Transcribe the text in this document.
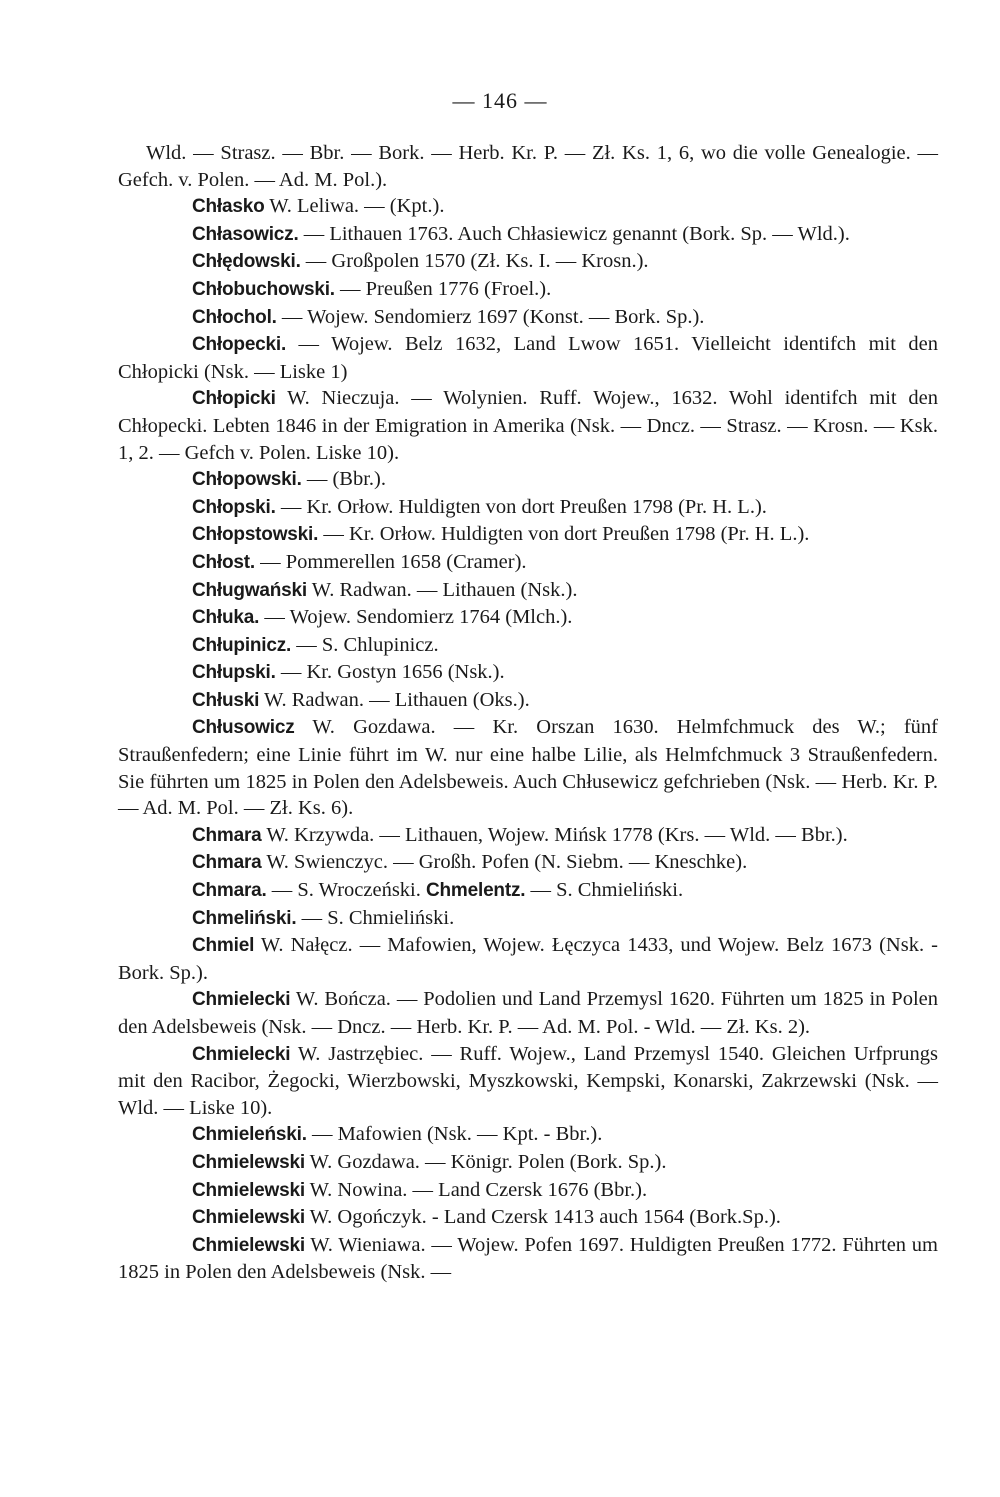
— 146 —

Wld. — Strasz. — Bbr. — Bork. — Herb. Kr. P. — Zł. Ks. 1, 6, wo die volle Genealogie. — Gefch. v. Polen. — Ad. M. Pol.).

Chłasko W. Lelіwa. — (Kpt.).

Chłasowicz. — Lithauen 1763. Auch Chłasiewicz genannt (Bork. Sp. — Wld.).

Chłędowski. — Großpolen 1570 (Zł. Ks. I. — Krosn.).

Chłobuchowski. — Preußen 1776 (Froel.).

Chłochol. — Wojew. Sendomierz 1697 (Konst. — Bork. Sp.).

Chłopecki. — Wojew. Belz 1632, Land Lwow 1651. Vielleicht identifch mit den Chłopicki (Nsk. — Liske 1)

Chłopicki W. Nieczuja. — Wolynien. Ruff. Wojew., 1632. Wohl identifch mit den Chłopecki. Lebten 1846 in der Emigration in Amerika (Nsk. — Dncz. — Strasz. — Krosn. — Ksk. 1, 2. — Gefch v. Polen. Liske 10).

Chłopowski. — (Bbr.).

Chłopski. — Kr. Orłow. Huldigten von dort Preußen 1798 (Pr. H. L.).

Chłopstowski. — Kr. Orłow. Huldigten von dort Preußen 1798 (Pr. H. L.).

Chłost. — Pommerellen 1658 (Cramer).

Chługwański W. Radwan. — Lithauen (Nsk.).

Chłuka. — Wojew. Sendomierz 1764 (Mlch.).

Chłupinicz. — S. Chlupinicz.

Chłupski. — Kr. Gostyn 1656 (Nsk.).

Chłuski W. Radwan. — Lithauen (Oks.).

Chłusowicz W. Gozdawa. — Kr. Orszan 1630. Helmfchmuck des W.; fünf Straußenfedern; eine Linie führt im W. nur eine halbe Lilie, als Helmfchmuck 3 Straußenfedern. Sie führten um 1825 in Polen den Adelsbeweis. Auch Chłusewicz gefchrieben (Nsk. — Herb. Kr. P. — Ad. M. Pol. — Zł. Ks. 6).

Chmara W. Krzywda. — Lithauen, Wojew. Mińsk 1778 (Krs. — Wld. — Bbr.).

Chmara W. Swienczyc. — Großh. Pofen (N. Siebm. — Kneschke).

Chmara. — S. Wroczeński. Chmelentz. — S. Chmieliński.

Chmeliński. — S. Chmieliński.

Chmiel W. Nałęcz. — Mafowien, Wojew. Łęczyca 1433, und Wojew. Belz 1673 (Nsk. - Bork. Sp.).

Chmielecki W. Bończa. — Podolien und Land Przemysl 1620. Führten um 1825 in Polen den Adelsbeweis (Nsk. — Dncz. — Herb. Kr. P. — Ad. M. Pol. - Wld. — Zł. Ks. 2).

Chmielecki W. Jastrzębiec. — Ruff. Wojew., Land Przemysl 1540. Gleichen Urfprungs mit den Racibor, Żegocki, Wierzbowski, Myszkowski, Kempski, Konarski, Zakrzewski (Nsk. — Wld. — Liske 10).

Chmieleński. — Mafowien (Nsk. — Kpt. - Bbr.).

Chmielewski W. Gozdawa. — Königr. Polen (Bork. Sp.).

Chmielewski W. Nowina. — Land Czersk 1676 (Bbr.).

Chmielewski W. Ogończyk. - Land Czersk 1413 auch 1564 (Bork.Sp.).

Chmielewski W. Wieniawa. — Wojew. Pofen 1697. Huldigten Preußen 1772. Führten um 1825 in Polen den Adelsbeweis (Nsk. —
